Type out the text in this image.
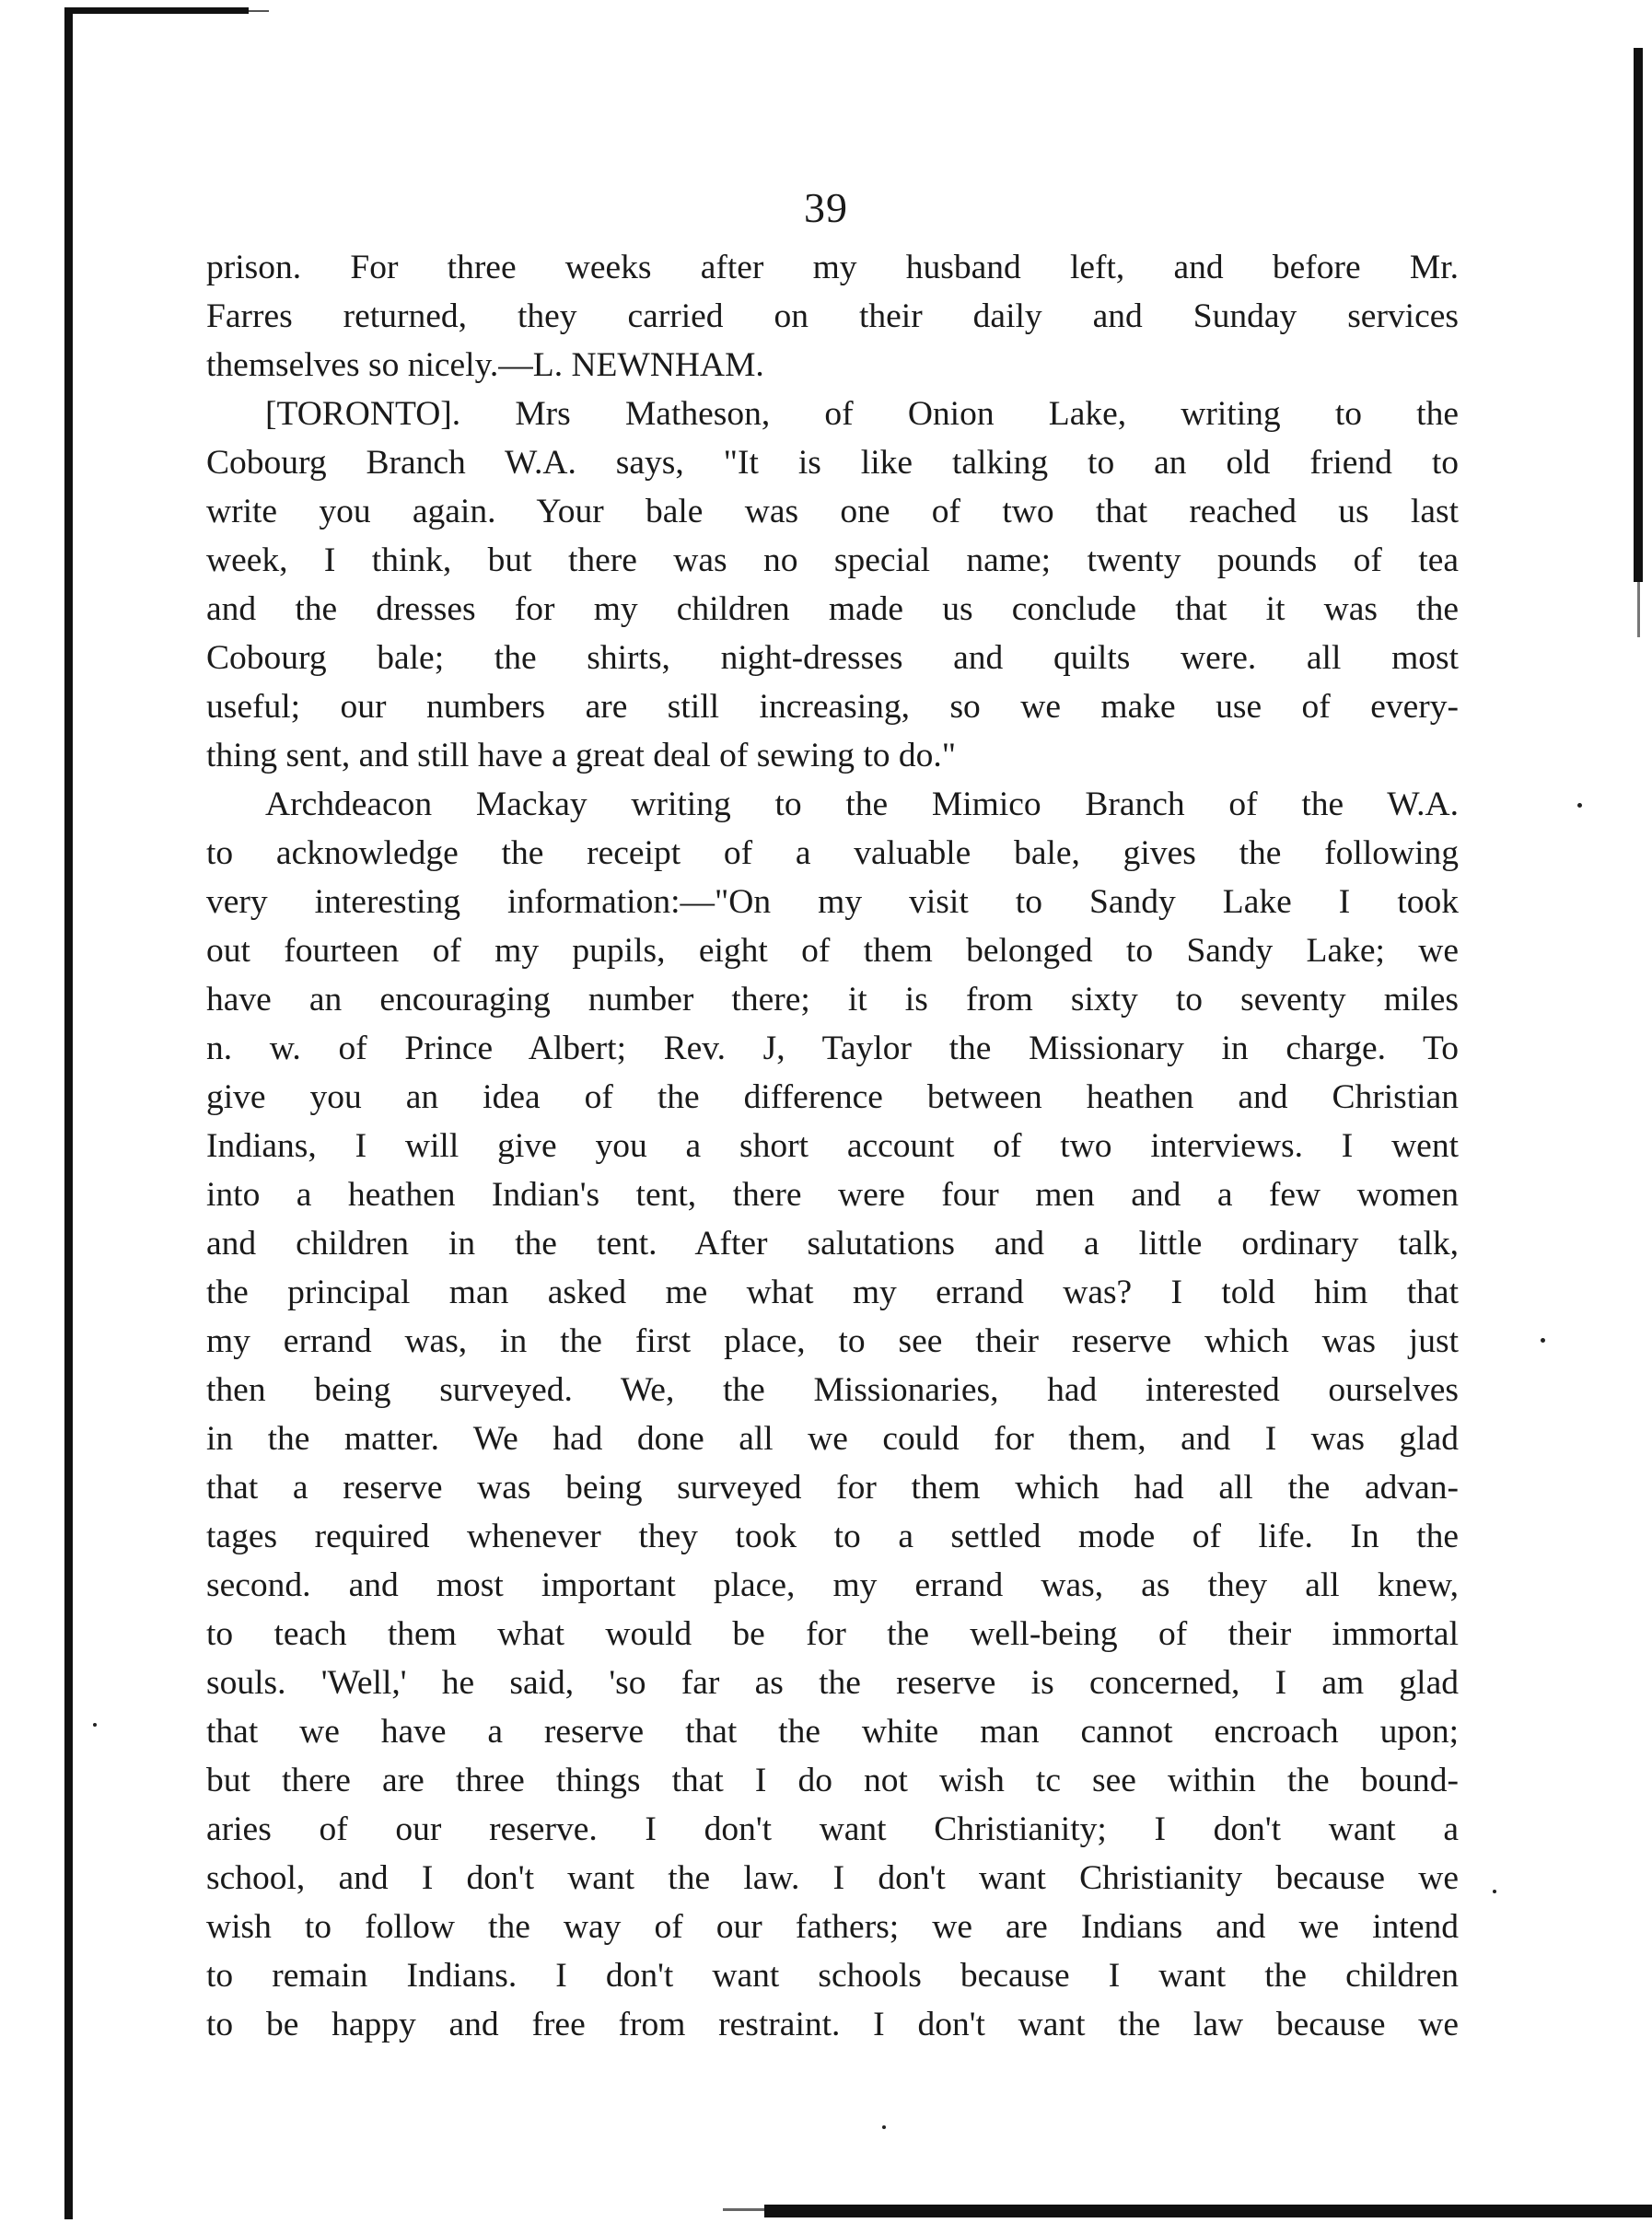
39
prison. For three weeks after my husband left, and before Mr.
Farres returned, they carried on their daily and Sunday services
themselves so nicely.—L. NEWNHAM.
[TORONTO]. Mrs Matheson, of Onion Lake, writing to the
Cobourg Branch W.A. says, "It is like talking to an old friend to
write you again. Your bale was one of two that reached us last
week, I think, but there was no special name; twenty pounds of tea
and the dresses for my children made us conclude that it was the
Cobourg bale; the shirts, night-dresses and quilts were. all most
useful; our numbers are still increasing, so we make use of every-
thing sent, and still have a great deal of sewing to do."
Archdeacon Mackay writing to the Mimico Branch of the W.A.
to acknowledge the receipt of a valuable bale, gives the following
very interesting information:—"On my visit to Sandy Lake I took
out fourteen of my pupils, eight of them belonged to Sandy Lake; we
have an encouraging number there; it is from sixty to seventy miles
n. w. of Prince Albert; Rev. J, Taylor the Missionary in charge. To
give you an idea of the difference between heathen and Christian
Indians, I will give you a short account of two interviews. I went
into a heathen Indian's tent, there were four men and a few women
and children in the tent. After salutations and a little ordinary talk,
the principal man asked me what my errand was? I told him that
my errand was, in the first place, to see their reserve which was just
then being surveyed. We, the Missionaries, had interested ourselves
in the matter. We had done all we could for them, and I was glad
that a reserve was being surveyed for them which had all the advan-
tages required whenever they took to a settled mode of life. In the
second. and most important place, my errand was, as they all knew,
to teach them what would be for the well-being of their immortal
souls. 'Well,' he said, 'so far as the reserve is concerned, I am glad
that we have a reserve that the white man cannot encroach upon;
but there are three things that I do not wish tc see within the bound-
aries of our reserve. I don't want Christianity; I don't want a
school, and I don't want the law. I don't want Christianity because we
wish to follow the way of our fathers; we are Indians and we intend
to remain Indians. I don't want schools because I want the children
to be happy and free from restraint. I don't want the law because we
